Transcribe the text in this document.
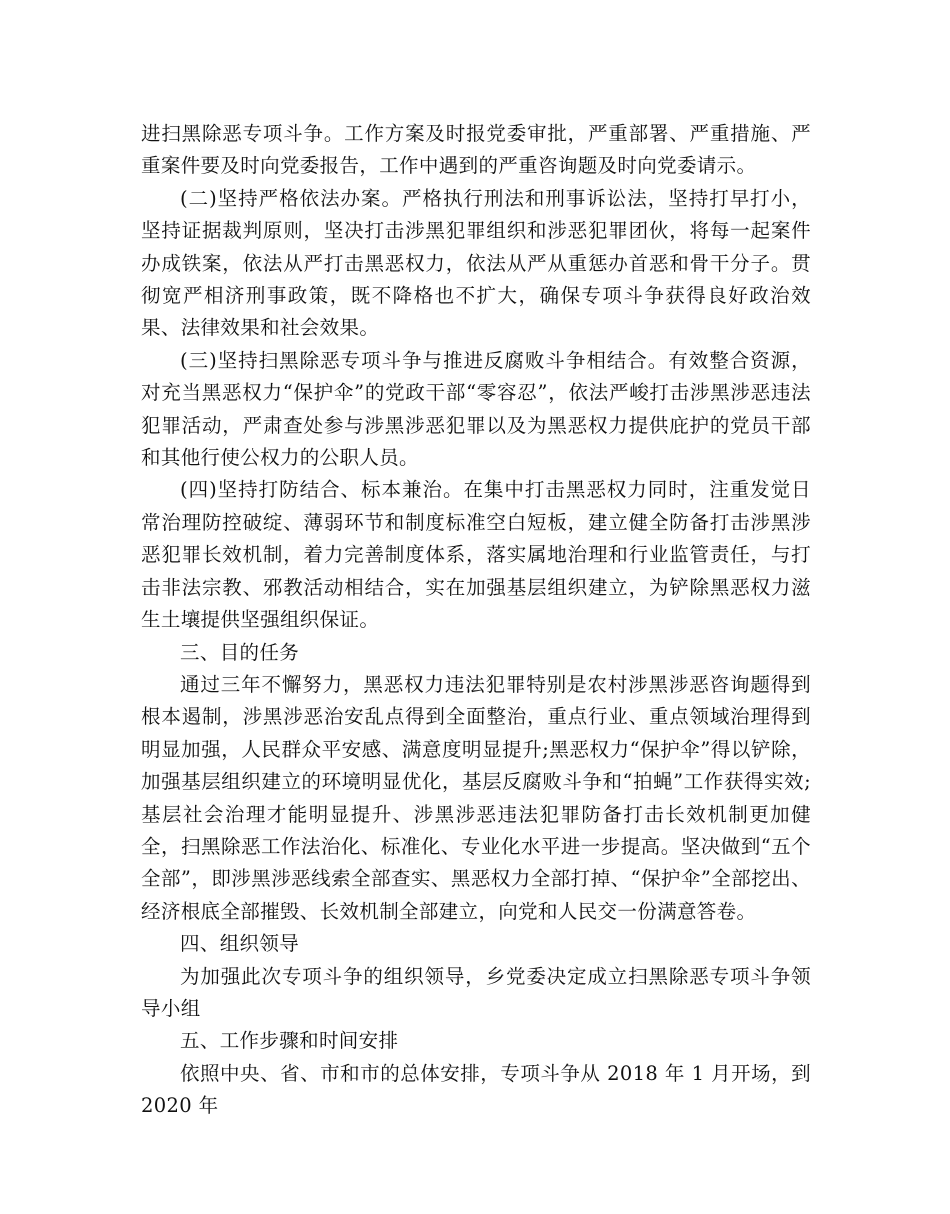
进扫黑除恶专项斗争。工作方案及时报党委审批，严重部署、严重措施、严重案件要及时向党委报告，工作中遇到的严重咨询题及时向党委请示。

(二)坚持严格依法办案。严格执行刑法和刑事诉讼法，坚持打早打小，坚持证据裁判原则，坚决打击涉黑犯罪组织和涉恶犯罪团伙，将每一起案件办成铁案，依法从严打击黑恶权力，依法从严从重惩办首恶和骨干分子。贯彻宽严相济刑事政策，既不降格也不扩大，确保专项斗争获得良好政治效果、法律效果和社会效果。

(三)坚持扫黑除恶专项斗争与推进反腐败斗争相结合。有效整合资源，对充当黑恶权力“保护伞”的党政干部“零容忍”，依法严峻打击涉黑涉恶违法犯罪活动，严肃查处参与涉黑涉恶犯罪以及为黑恶权力提供庇护的党员干部和其他行使公权力的公职人员。

(四)坚持打防结合、标本兼治。在集中打击黑恶权力同时，注重发觉日常治理防控破绽、薄弱环节和制度标准空白短板，建立健全防备打击涉黑涉恶犯罪长效机制，着力完善制度体系，落实属地治理和行业监管责任，与打击非法宗教、邪教活动相结合，实在加强基层组织建立，为铲除黑恶权力滋生土壤提供坚强组织保证。

三、目的任务

通过三年不懈努力，黑恶权力违法犯罪特别是农村涉黑涉恶咨询题得到根本遏制，涉黑涉恶治安乱点得到全面整治，重点行业、重点领域治理得到明显加强，人民群众平安感、满意度明显提升;黑恶权力“保护伞”得以铲除，加强基层组织建立的环境明显优化，基层反腐败斗争和“拍蝇”工作获得实效;基层社会治理才能明显提升、涉黑涉恶违法犯罪防备打击长效机制更加健全，扫黑除恶工作法治化、标准化、专业化水平进一步提高。坚决做到“五个全部”，即涉黑涉恶线索全部查实、黑恶权力全部打掉、“保护伞”全部挖出、经济根底全部摧毁、长效机制全部建立，向党和人民交一份满意答卷。

四、组织领导

为加强此次专项斗争的组织领导，乡党委决定成立扫黑除恶专项斗争领导小组

五、工作步骤和时间安排

依照中央、省、市和市的总体安排，专项斗争从 2018 年 1 月开场，到 2020 年
